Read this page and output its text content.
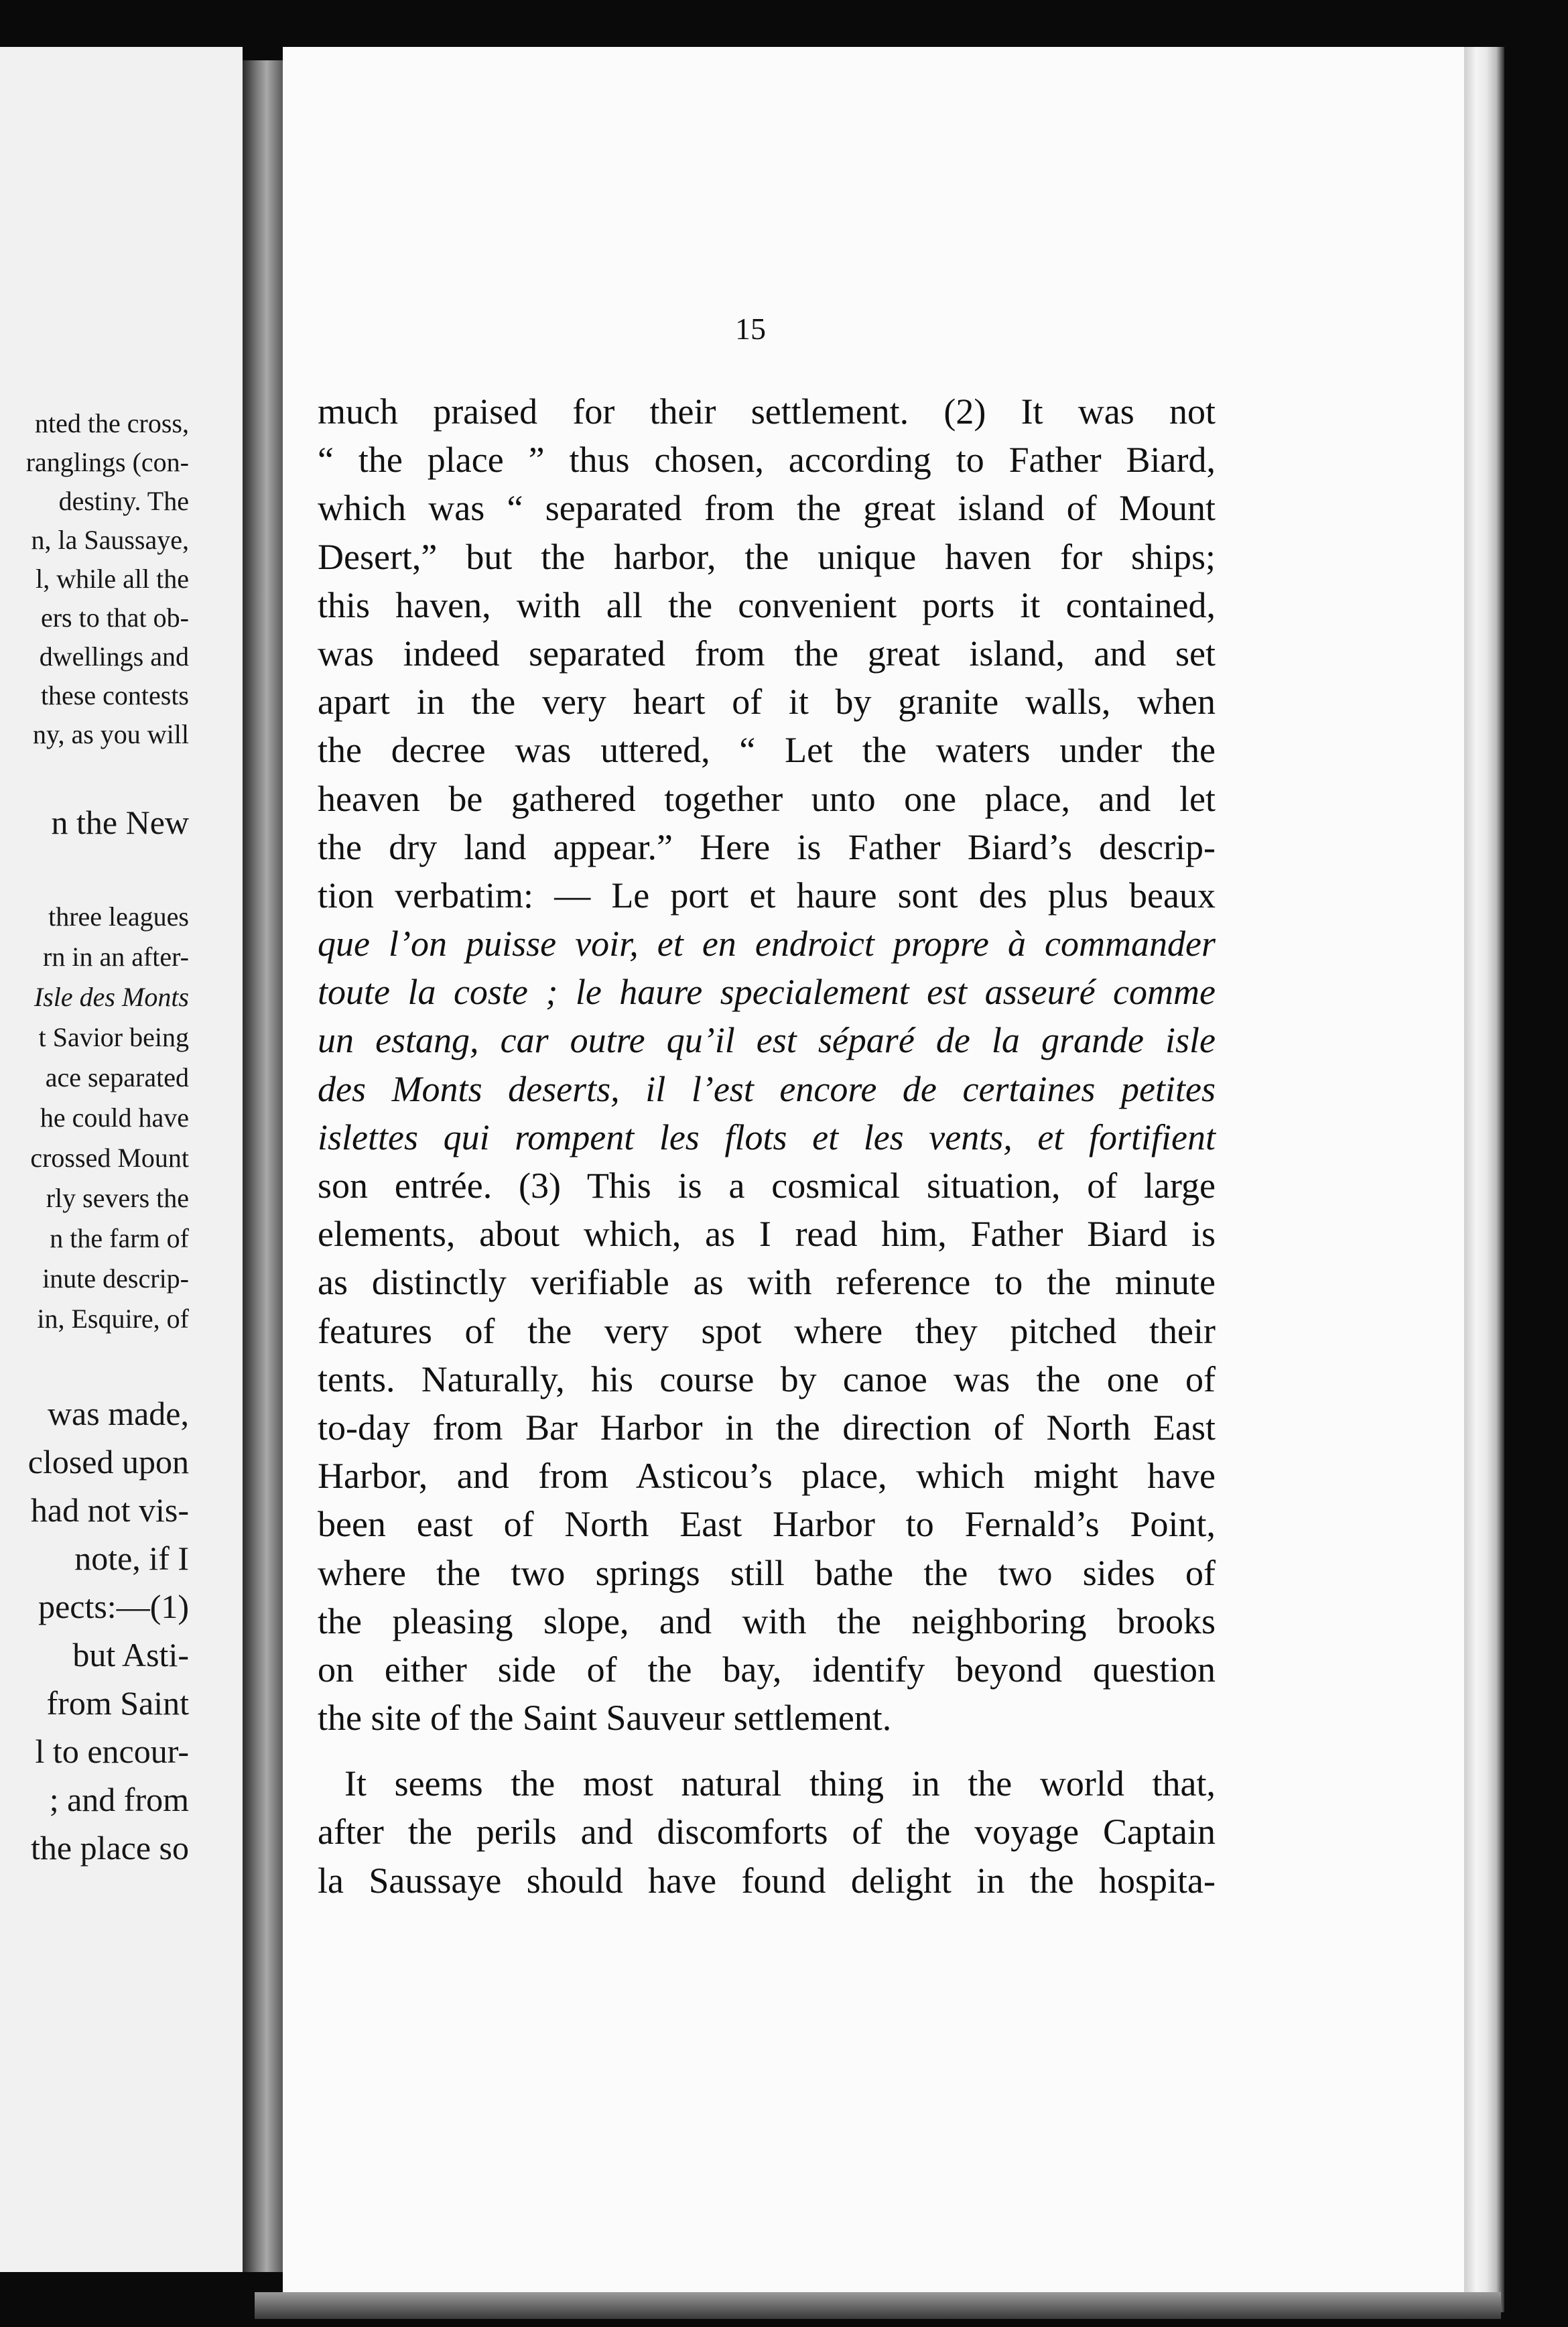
nted the cross,
ranglings (con-
destiny. The
n, la Saussaye,
l, while all the
ers to that ob-
dwellings and
these contests
ny, as you will
n the New
three leagues
rn in an after-
Isle des Monts
t Savior being
ace separated
he could have
crossed Mount
rly severs the
n the farm of
inute descrip-
in, Esquire, of
was made,
closed upon
had not vis-
note, if I
pects:—(1)
but Asti-
from Saint
l to encour-
; and from
the place so
15
much praised for their settlement. (2) It was not
“ the place ” thus chosen, according to Father Biard,
which was “ separated from the great island of Mount
Desert,” but the harbor, the unique haven for ships;
this haven, with all the convenient ports it contained,
was indeed separated from the great island, and set
apart in the very heart of it by granite walls, when
the decree was uttered, “ Let the waters under the
heaven be gathered together unto one place, and let
the dry land appear.” Here is Father Biard’s descrip-
tion verbatim: — Le port et haure sont des plus beaux
que l’on puisse voir, et en endroict propre à commander
toute la coste ; le haure specialement est asseuré comme
un estang, car outre qu’il est séparé de la grande isle
des Monts deserts, il l’est encore de certaines petites
islettes qui rompent les flots et les vents, et fortifient
son entrée. (3) This is a cosmical situation, of large
elements, about which, as I read him, Father Biard is
as distinctly verifiable as with reference to the minute
features of the very spot where they pitched their
tents. Naturally, his course by canoe was the one of
to-day from Bar Harbor in the direction of North East
Harbor, and from Asticou’s place, which might have
been east of North East Harbor to Fernald’s Point,
where the two springs still bathe the two sides of
the pleasing slope, and with the neighboring brooks
on either side of the bay, identify beyond question
the site of the Saint Sauveur settlement.
It seems the most natural thing in the world that,
after the perils and discomforts of the voyage Captain
la Saussaye should have found delight in the hospita-
